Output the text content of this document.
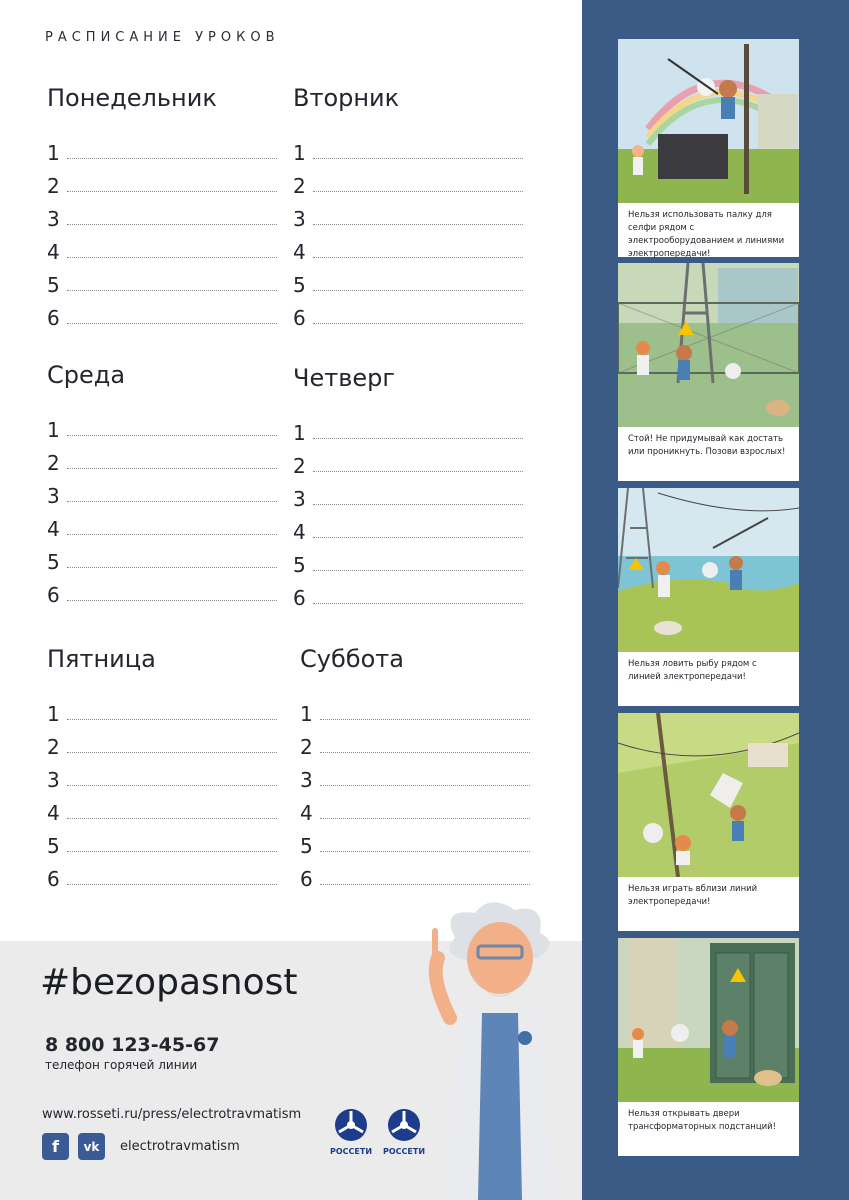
РАСПИСАНИЕ УРОКОВ
Понедельник
1
2
3
4
5
6
Вторник
1
2
3
4
5
6
Среда
1
2
3
4
5
6
Четверг
1
2
3
4
5
6
Пятница
1
2
3
4
5
6
Суббота
1
2
3
4
5
6
#bezopasnost
8 800 123-45-67
телефон горячей линии
www.rosseti.ru/press/electrotravmatism
f	vk	electrotravmatism	РОССЕТИ РОССЕТИ
Нельзя использовать палку для селфи рядом с электрооборудованием и линиями электропередачи!
Стой! Не придумывай как достать или проникнуть. Позови взрослых!
Нельзя ловить рыбу рядом с линией электропередачи!
Нельзя играть вблизи линий электропередачи!
Нельзя открывать двери трансформаторных подстанций!
